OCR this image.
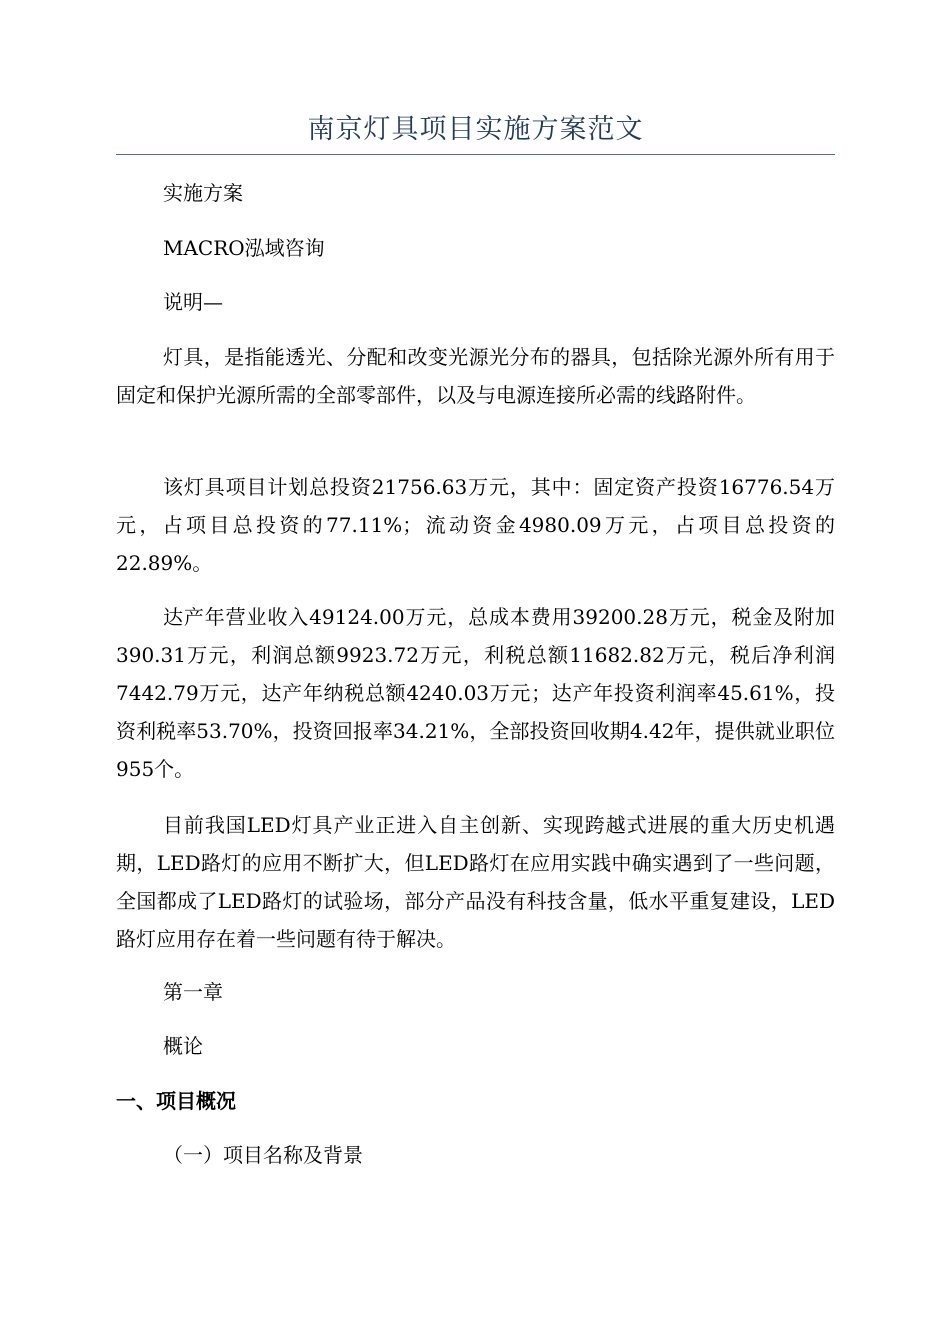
南京灯具项目实施方案范文
实施方案
MACRO泓域咨询
说明—
灯具，是指能透光、分配和改变光源光分布的器具，包括除光源外所有用于固定和保护光源所需的全部零部件，以及与电源连接所必需的线路附件。
该灯具项目计划总投资21756.63万元，其中：固定资产投资16776.54万元，占项目总投资的77.11%；流动资金4980.09万元，占项目总投资的22.89%。
达产年营业收入49124.00万元，总成本费用39200.28万元，税金及附加390.31万元，利润总额9923.72万元，利税总额11682.82万元，税后净利润7442.79万元，达产年纳税总额4240.03万元；达产年投资利润率45.61%，投资利税率53.70%，投资回报率34.21%，全部投资回收期4.42年，提供就业职位955个。
目前我国LED灯具产业正进入自主创新、实现跨越式进展的重大历史机遇期，LED路灯的应用不断扩大，但LED路灯在应用实践中确实遇到了一些问题，全国都成了LED路灯的试验场，部分产品没有科技含量，低水平重复建设，LED路灯应用存在着一些问题有待于解决。
第一章
概论
一、项目概况
（一）项目名称及背景
